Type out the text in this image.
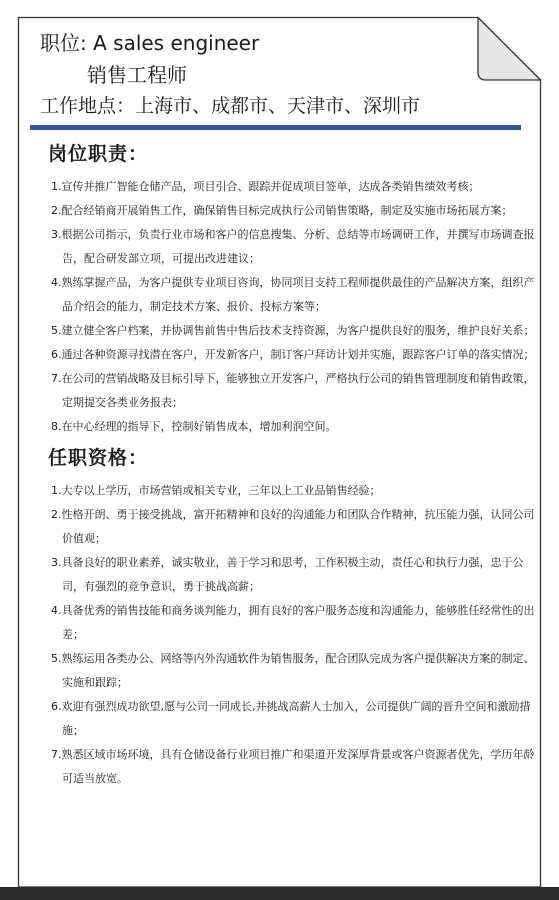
职位: A sales engineer
销售工程师
工作地点：上海市、成都市、天津市、深圳市
岗位职责：
1.宣传并推广智能仓储产品，项目引合、跟踪并促成项目签单，达成各类销售绩效考核；
2.配合经销商开展销售工作，确保销售目标完成执行公司销售策略，制定及实施市场拓展方案；
3.根据公司指示，负责行业市场和客户的信息搜集、分析、总结等市场调研工作，并撰写市场调查报告，配合研发部立项，可提出改进建议；
4.熟练掌握产品，为客户提供专业项目咨询，协同项目支持工程师提供最佳的产品解决方案，组织产品介绍会的能力，制定技术方案、报价、投标方案等；
5.建立健全客户档案，并协调售前售中售后技术支持资源，为客户提供良好的服务，维护良好关系；
6.通过各种资源寻找潜在客户，开发新客户，制订客户拜访计划并实施，跟踪客户订单的落实情况；
7.在公司的营销战略及目标引导下，能够独立开发客户，严格执行公司的销售管理制度和销售政策，定期提交各类业务报表；
8.在中心经理的指导下，控制好销售成本，增加利润空间。
任职资格：
1.大专以上学历，市场营销或相关专业，三年以上工业品销售经验；
2.性格开朗、勇于接受挑战，富开拓精神和良好的沟通能力和团队合作精神，抗压能力强，认同公司价值观；
3.具备良好的职业素养，诚实敬业，善于学习和思考，工作积极主动，责任心和执行力强，忠于公司，有强烈的竞争意识，勇于挑战高薪；
4.具备优秀的销售技能和商务谈判能力，拥有良好的客户服务态度和沟通能力，能够胜任经常性的出差；
5.熟练运用各类办公、网络等内外沟通软件为销售服务，配合团队完成为客户提供解决方案的制定、实施和跟踪；
6.欢迎有强烈成功欲望,愿与公司一同成长,并挑战高薪人士加入，公司提供广阔的晋升空间和激励措施；
7.熟悉区域市场环境，具有仓储设备行业项目推广和渠道开发深厚背景或客户资源者优先，学历年龄可适当放宽。
